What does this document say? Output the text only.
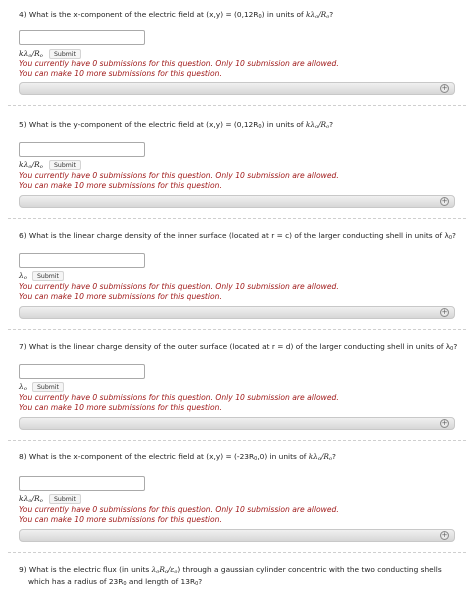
4) What is the x-component of the electric field at $(x,y) = (0,12R_0)$ in units of $k\lambda_o/R_o$?
$k\lambda_o/R_o$	Submit
You currently have 0 submissions for this question. Only 10 submission are allowed.
You can make 10 more submissions for this question.
+
5) What is the y-component of the electric field at $(x,y) = (0,12R_0)$ in units of $k\lambda_o/R_o$?
$k\lambda_o/R_o$	Submit
You currently have 0 submissions for this question. Only 10 submission are allowed.
You can make 10 more submissions for this question.
+
6) What is the linear charge density of the inner surface (located at r = c) of the larger conducting shell in units of $\lambda_0$?
$\lambda_o$	Submit
You currently have 0 submissions for this question. Only 10 submission are allowed.
You can make 10 more submissions for this question.
+
7) What is the linear charge density of the outer surface (located at r = d) of the larger conducting shell in units of $\lambda_0$?
$\lambda_o$	Submit
You currently have 0 submissions for this question. Only 10 submission are allowed.
You can make 10 more submissions for this question.
+
8) What is the x-component of the electric field at $(x,y) = (-23R_0,0)$ in units of $k\lambda_o/R_o$?
$k\lambda_o/R_o$	Submit
You currently have 0 submissions for this question. Only 10 submission are allowed.
You can make 10 more submissions for this question.
+
9) What is the electric flux (in units $\lambda_oR_o/\varepsilon_o$) through a gaussian cylinder concentric with the two conducting shells
which has a radius of $23R_0$ and length of $13R_0$?
